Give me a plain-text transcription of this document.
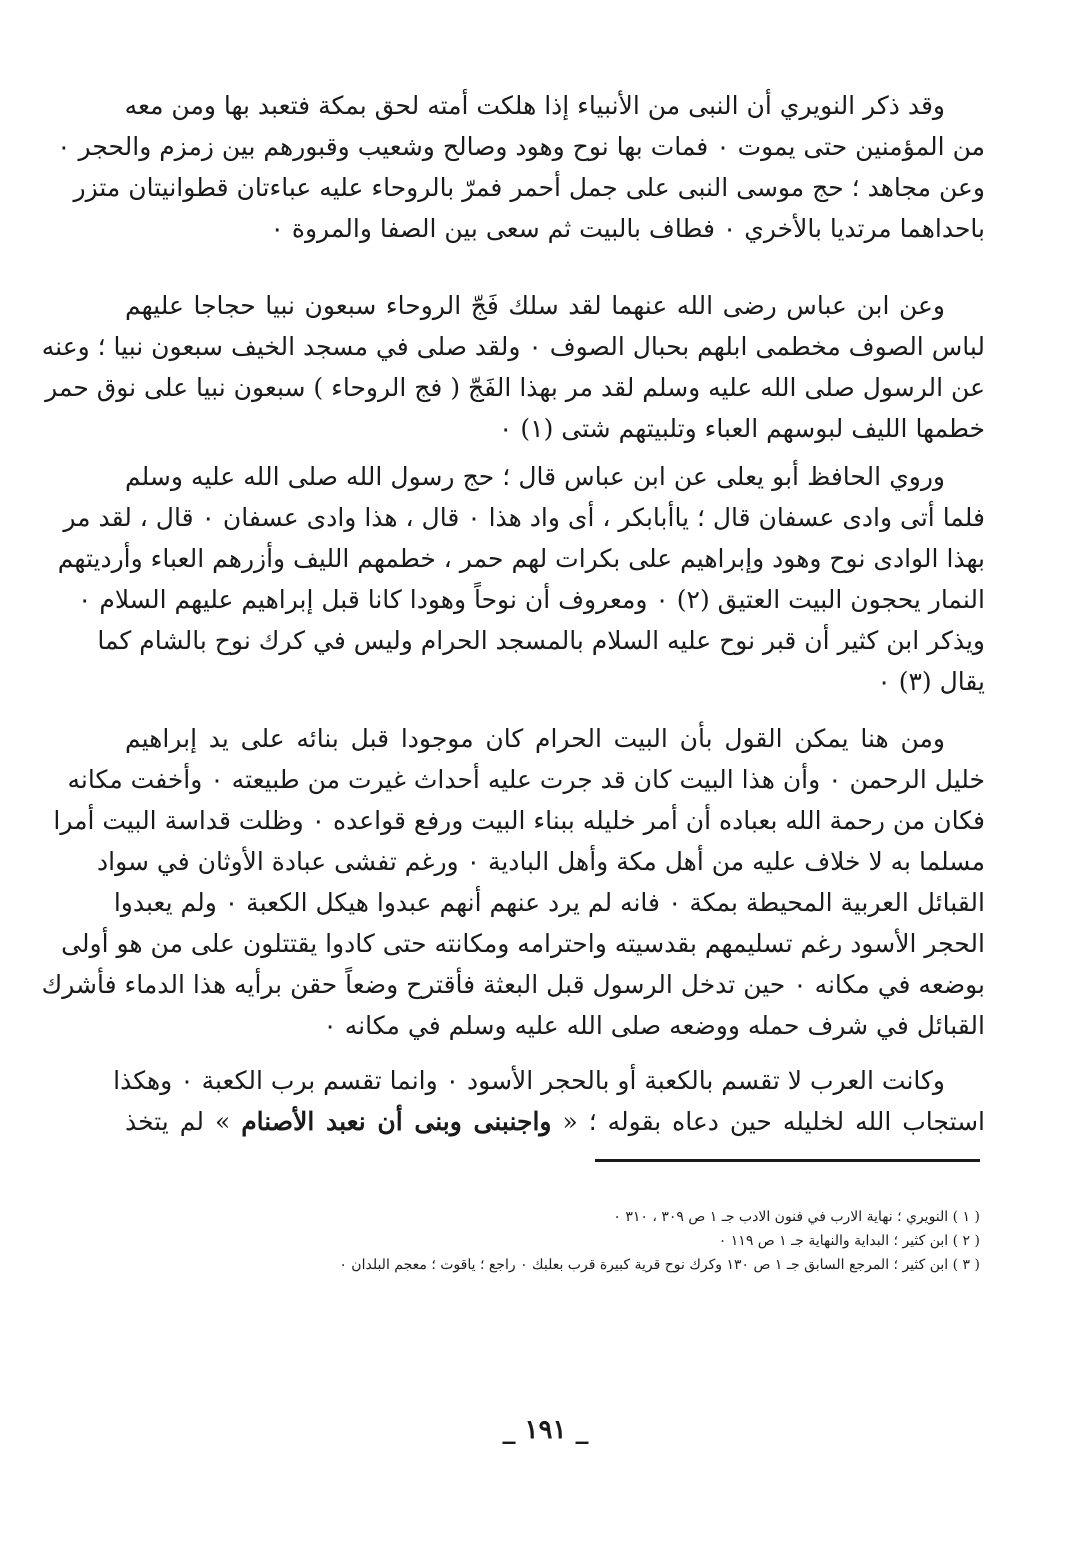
وقد ذكر النويري أن النبى من الأنبياء إذا هلكت أمته لحق بمكة فتعبد بها ومن معه
من المؤمنين حتى يموت ٠ فمات بها نوح وهود وصالح وشعيب وقبورهم بين زمزم والحجر ٠
وعن مجاهد ؛ حج موسى النبى على جمل أحمر فمرّ بالروحاء عليه عباءتان قطوانيتان متزر
باحداهما مرتديا بالأخري ٠ فطاف بالبيت ثم سعى بين الصفا والمروة ٠
وعن ابن عباس رضى الله عنهما لقد سلك فَجّ الروحاء سبعون نبيا حجاجا عليهم
لباس الصوف مخطمى ابلهم بحبال الصوف ٠ ولقد صلى في مسجد الخيف سبعون نبيا ؛ وعنه
عن الرسول صلى الله عليه وسلم لقد مر بهذا الفَجّ ( فج الروحاء ) سبعون نبيا على نوق حمر
خطمها الليف لبوسهم العباء وتلبيتهم شتى (١) ٠
وروي الحافظ أبو يعلى عن ابن عباس قال ؛ حج رسول الله صلى الله عليه وسلم
فلما أتى وادى عسفان قال ؛ ياأبابكر ، أى واد هذا ٠ قال ، هذا وادى عسفان ٠ قال ، لقد مر
بهذا الوادى نوح وهود وإبراهيم على بكرات لهم حمر ، خطمهم الليف وأزرهم العباء وأرديتهم
النمار يحجون البيت العتيق (٢) ٠ ومعروف أن نوحاً وهودا كانا قبل إبراهيم عليهم السلام ٠
ويذكر ابن كثير أن قبر نوح عليه السلام بالمسجد الحرام وليس في كرك نوح بالشام كما
يقال (٣) ٠
ومن هنا يمكن القول بأن البيت الحرام كان موجودا قبل بنائه على يد إبراهيم
خليل الرحمن ٠ وأن هذا البيت كان قد جرت عليه أحداث غيرت من طبيعته ٠ وأخفت مكانه
فكان من رحمة الله بعباده أن أمر خليله ببناء البيت ورفع قواعده ٠ وظلت قداسة البيت أمرا
مسلما به لا خلاف عليه من أهل مكة وأهل البادية ٠ ورغم تفشى عبادة الأوثان في سواد
القبائل العربية المحيطة بمكة ٠ فانه لم يرد عنهم أنهم عبدوا هيكل الكعبة ٠ ولم يعبدوا
الحجر الأسود رغم تسليمهم بقدسيته واحترامه ومكانته حتى كادوا يقتتلون على من هو أولى
بوضعه في مكانه ٠ حين تدخل الرسول قبل البعثة فأقترح وضعاً حقن برأيه هذا الدماء فأشرك
القبائل في شرف حمله ووضعه صلى الله عليه وسلم في مكانه ٠
وكانت العرب لا تقسم بالكعبة أو بالحجر الأسود ٠ وانما تقسم برب الكعبة ٠ وهكذا
استجاب الله لخليله حين دعاه بقوله ؛ « واجنبنى وبنى أن نعبد الأصنام » لم يتخذ
( ١ ) النويري ؛ نهاية الارب في فنون الادب جـ ١ ص ٣٠٩ ، ٣١٠ ٠
( ٢ ) ابن كثير ؛ البداية والنهاية جـ ١ ص ١١٩ ٠
( ٣ ) ابن كثير ؛ المرجع السابق جـ ١ ص ١٣٠ وكرك نوح قرية كبيرة قرب بعلبك ٠ راجع ؛ ياقوت ؛ معجم البلدان ٠
_ ١٩١ _
